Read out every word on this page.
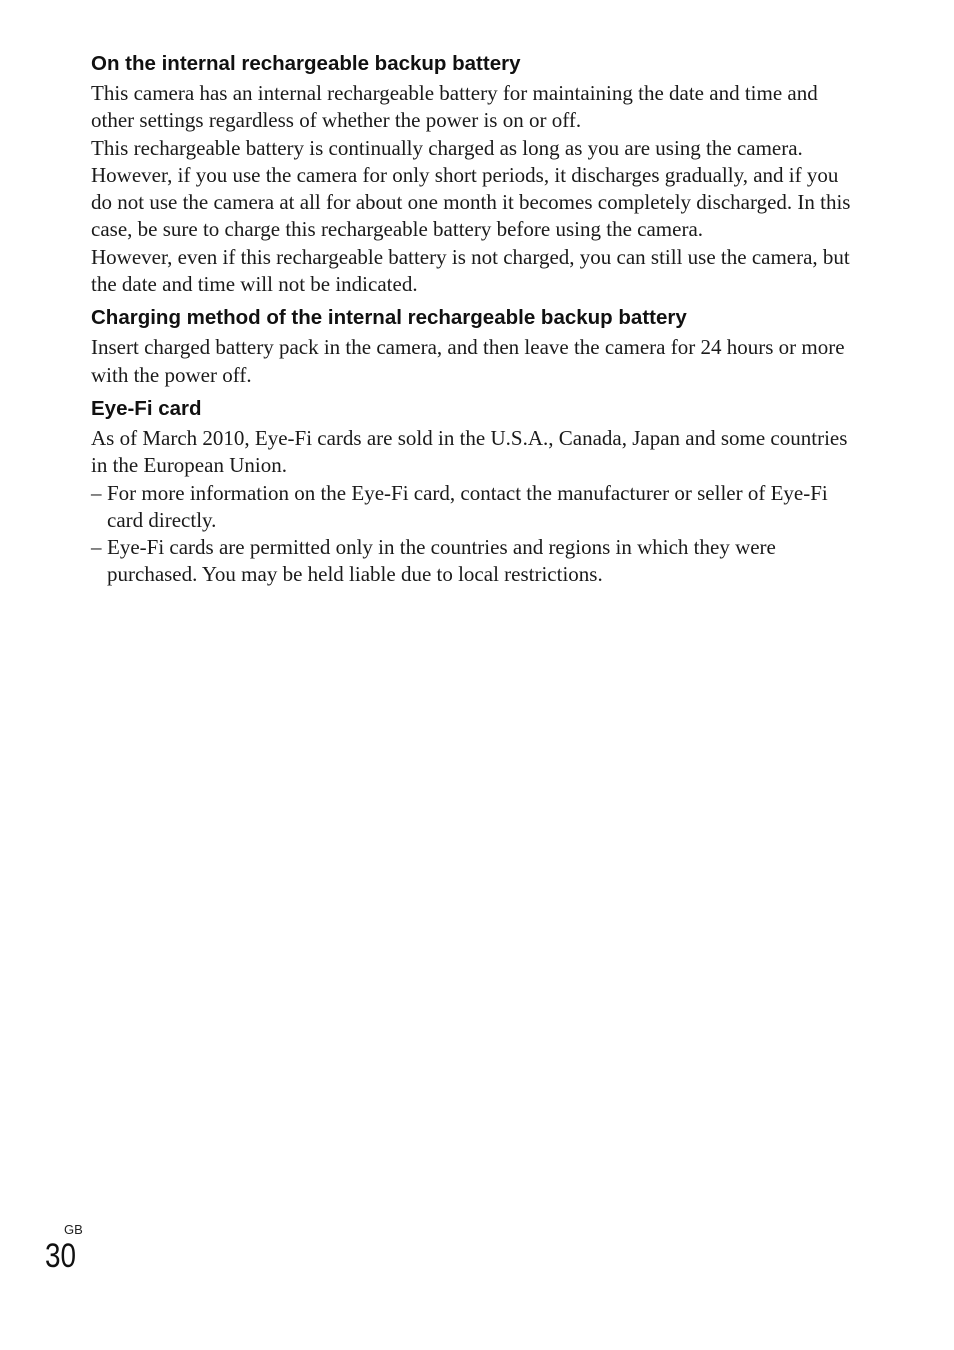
On the internal rechargeable backup battery

This camera has an internal rechargeable battery for maintaining the date and time and other settings regardless of whether the power is on or off.

This rechargeable battery is continually charged as long as you are using the camera. However, if you use the camera for only short periods, it discharges gradually, and if you do not use the camera at all for about one month it becomes completely discharged. In this case, be sure to charge this rechargeable battery before using the camera.

However, even if this rechargeable battery is not charged, you can still use the camera, but the date and time will not be indicated.

Charging method of the internal rechargeable backup battery

Insert charged battery pack in the camera, and then leave the camera for 24 hours or more with the power off.

Eye-Fi card

As of March 2010, Eye-Fi cards are sold in the U.S.A., Canada, Japan and some countries in the European Union.

– For more information on the Eye-Fi card, contact the manufacturer or seller of Eye-Fi card directly.
– Eye-Fi cards are permitted only in the countries and regions in which they were purchased. You may be held liable due to local restrictions.
GB
30
